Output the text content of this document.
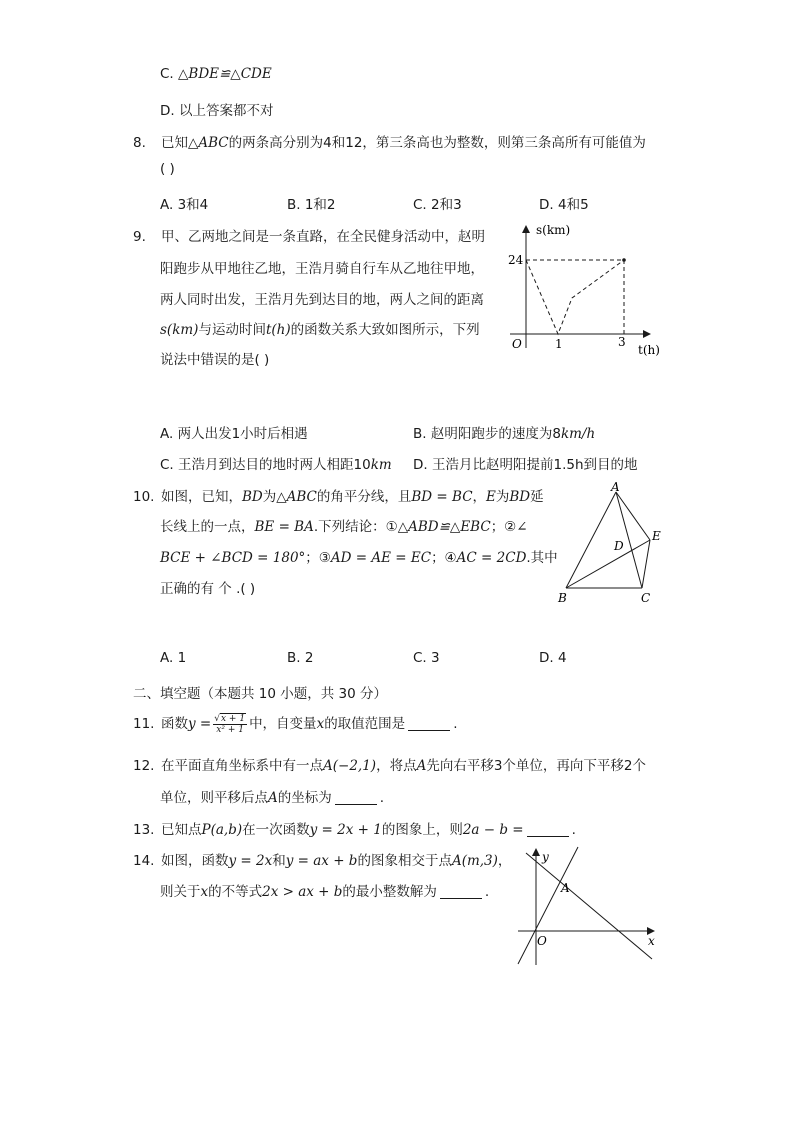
C. △BDE≌△CDE
D. 以上答案都不对
8. 已知△ABC的两条高分别为4和12，第三条高也为整数，则第三条高所有可能值为
( )
A. 3和4	B. 1和2	C. 2和3	D. 4和5
9. 甲、乙两地之间是一条直路，在全民健身活动中，赵明
阳跑步从甲地往乙地，王浩月骑自行车从乙地往甲地，
两人同时出发，王浩月先到达目的地，两人之间的距离
s(km)与运动时间t(h)的函数关系大致如图所示，下列
说法中错误的是( )
s(km)
24
O	1	3
t(h)
A. 两人出发1小时后相遇	B. 赵明阳跑步的速度为8km/h
C. 王浩月到达目的地时两人相距10km D. 王浩月比赵明阳提前1.5h到目的地
10. 如图，已知，BD为△ABC的角平分线，且BD = BC，E为BD延
长线上的一点，BE = BA.下列结论：①△ABD≌△EBC；②∠
BCE + ∠BCD = 180°；③AD = AE = EC；④AC = 2CD.其中
正确的有 个 .( )
A
B	C
D
E
A. 1	B. 2	C. 3	D. 4
二、填空题（本题共 10 小题，共 30 分）
11. 函数$y = \frac{√x + 1}{\text{x² + 1}}$ 中，自变量x的取值范围是	.
12. 在平面直角坐标系中有一点A(−2,1)，将点A先向右平移3个单位，再向下平移2个
单位，则平移后点A的坐标为	.
13. 已知点P(a,b)在一次函数y = 2x + 1的图象上，则2a − b =	.
14. 如图，函数y = 2x和y = ax + b的图象相交于点A(m,3)，
则关于x的不等式2x > ax + b的最小整数解为	.
y
A
O	x
